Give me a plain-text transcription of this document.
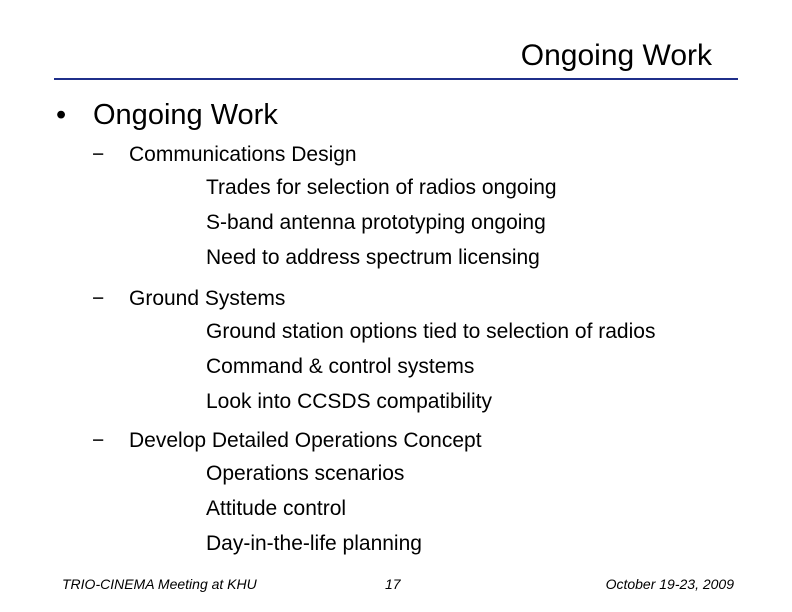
Ongoing Work
• Ongoing Work
− Communications Design
Trades for selection of radios ongoing
S-band antenna prototyping ongoing
Need to address spectrum licensing
− Ground Systems
Ground station options tied to selection of radios
Command & control systems
Look into CCSDS compatibility
− Develop Detailed Operations Concept
Operations scenarios
Attitude control
Day-in-the-life planning
TRIO-CINEMA Meeting at KHU	17	October 19-23, 2009
